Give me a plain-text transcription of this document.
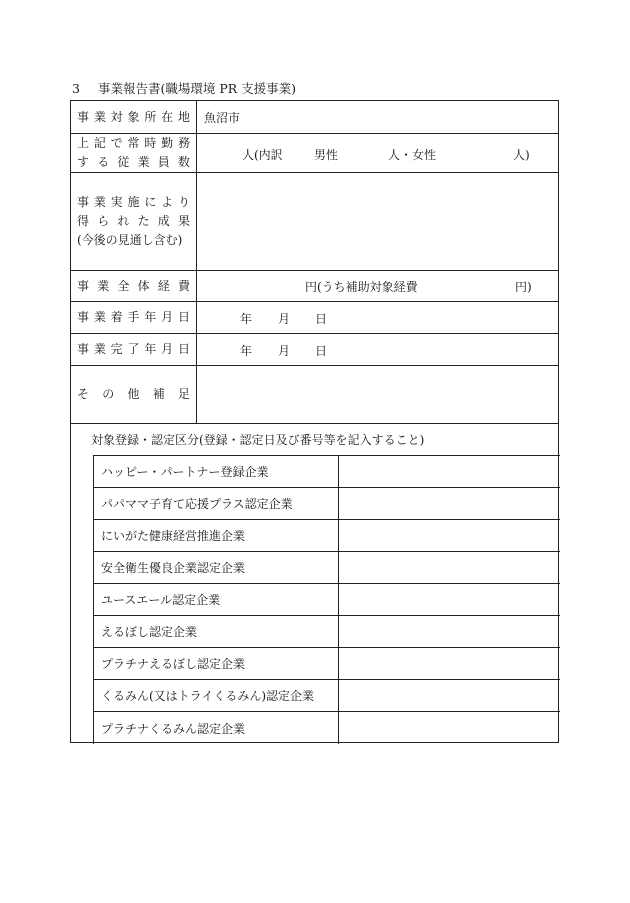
3 事業報告書(職場環境 PR 支援事業)
事 業 対 象 所 在 地 魚沼市
上 記 で 常 時 勤 務
す る 従 業 員 数	人(内訳	男性	人・女性	人)
事 業 実 施 に よ り
得 ら れ た 成 果
(今後の見通し含む)
事 業 全 体 経 費	円(うち補助対象経費	円)
事 業 着 手 年 月 日	年 月 日
事 業 完 了 年 月 日	年 月 日
そ の 他 補 足
対象登録・認定区分(登録・認定日及び番号等を記入すること)
ハッピー・パートナー登録企業
パパママ子育て応援プラス認定企業
にいがた健康経営推進企業
安全衛生優良企業認定企業
ユースエール認定企業
えるぼし認定企業
プラチナえるぼし認定企業
くるみん(又はトライくるみん)認定企業
プラチナくるみん認定企業
